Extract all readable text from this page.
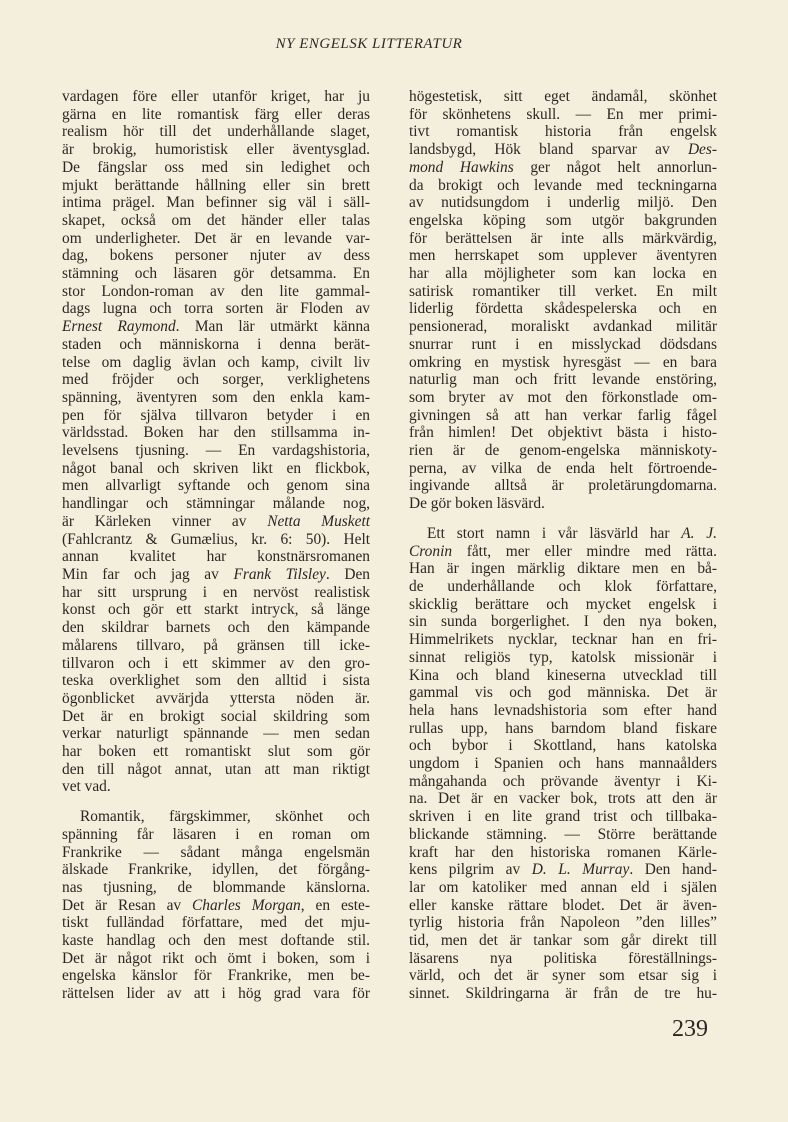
NY ENGELSK LITTERATUR
vardagen före eller utanför kriget, har ju
gärna en lite romantisk färg eller deras
realism hör till det underhållande slaget,
är brokig, humoristisk eller äventysglad.
De fängslar oss med sin ledighet och
mjukt berättande hållning eller sin brett
intima prägel. Man befinner sig väl i säll-
skapet, också om det händer eller talas
om underligheter. Det är en levande var-
dag, bokens personer njuter av dess
stämning och läsaren gör detsamma. En
stor London-roman av den lite gammal-
dags lugna och torra sorten är Floden av
Ernest Raymond. Man lär utmärkt känna
staden och människorna i denna berät-
telse om daglig ävlan och kamp, civilt liv
med fröjder och sorger, verklighetens
spänning, äventyren som den enkla kam-
pen för själva tillvaron betyder i en
världsstad. Boken har den stillsamma in-
levelsens tjusning. — En vardagshistoria,
något banal och skriven likt en flickbok,
men allvarligt syftande och genom sina
handlingar och stämningar målande nog,
är Kärleken vinner av Netta Muskett
(Fahlcrantz & Gumælius, kr. 6: 50). Helt
annan kvalitet har konstnärsromanen
Min far och jag av Frank Tilsley. Den
har sitt ursprung i en nervöst realistisk
konst och gör ett starkt intryck, så länge
den skildrar barnets och den kämpande
målarens tillvaro, på gränsen till icke-
tillvaron och i ett skimmer av den gro-
teska overklighet som den alltid i sista
ögonblicket avvärjda yttersta nöden är.
Det är en brokigt social skildring som
verkar naturligt spännande — men sedan
har boken ett romantiskt slut som gör
den till något annat, utan att man riktigt
vet vad.
Romantik, färgskimmer, skönhet och
spänning får läsaren i en roman om
Frankrike — sådant många engelsmän
älskade Frankrike, idyllen, det förgång-
nas tjusning, de blommande känslorna.
Det är Resan av Charles Morgan, en este-
tiskt fulländad författare, med det mju-
kaste handlag och den mest doftande stil.
Det är något rikt och ömt i boken, som i
engelska känslor för Frankrike, men be-
rättelsen lider av att i hög grad vara för
högestetisk, sitt eget ändamål, skönhet
för skönhetens skull. — En mer primi-
tivt romantisk historia från engelsk
landsbygd, Hök bland sparvar av Des-
mond Hawkins ger något helt annorlun-
da brokigt och levande med teckningarna
av nutidsungdom i underlig miljö. Den
engelska köping som utgör bakgrunden
för berättelsen är inte alls märkvärdig,
men herrskapet som upplever äventyren
har alla möjligheter som kan locka en
satirisk romantiker till verket. En milt
liderlig fördetta skådespelerska och en
pensionerad, moraliskt avdankad militär
snurrar runt i en misslyckad dödsdans
omkring en mystisk hyresgäst — en bara
naturlig man och fritt levande enstöring,
som bryter av mot den förkonstlade om-
givningen så att han verkar farlig fågel
från himlen! Det objektivt bästa i histo-
rien är de genom-engelska människoty-
perna, av vilka de enda helt förtroende-
ingivande alltså är proletärungdomarna.
De gör boken läsvärd.
Ett stort namn i vår läsvärld har A. J.
Cronin fått, mer eller mindre med rätta.
Han är ingen märklig diktare men en bå-
de underhållande och klok författare,
skicklig berättare och mycket engelsk i
sin sunda borgerlighet. I den nya boken,
Himmelrikets nycklar, tecknar han en fri-
sinnat religiös typ, katolsk missionär i
Kina och bland kineserna utvecklad till
gammal vis och god människa. Det är
hela hans levnadshistoria som efter hand
rullas upp, hans barndom bland fiskare
och bybor i Skottland, hans katolska
ungdom i Spanien och hans mannaålders
mångahanda och prövande äventyr i Ki-
na. Det är en vacker bok, trots att den är
skriven i en lite grand trist och tillbaka-
blickande stämning. — Större berättande
kraft har den historiska romanen Kärle-
kens pilgrim av D. L. Murray. Den hand-
lar om katoliker med annan eld i själen
eller kanske rättare blodet. Det är även-
tyrlig historia från Napoleon ”den lilles”
tid, men det är tankar som går direkt till
läsarens nya politiska föreställnings-
värld, och det är syner som etsar sig i
sinnet. Skildringarna är från de tre hu-
239
